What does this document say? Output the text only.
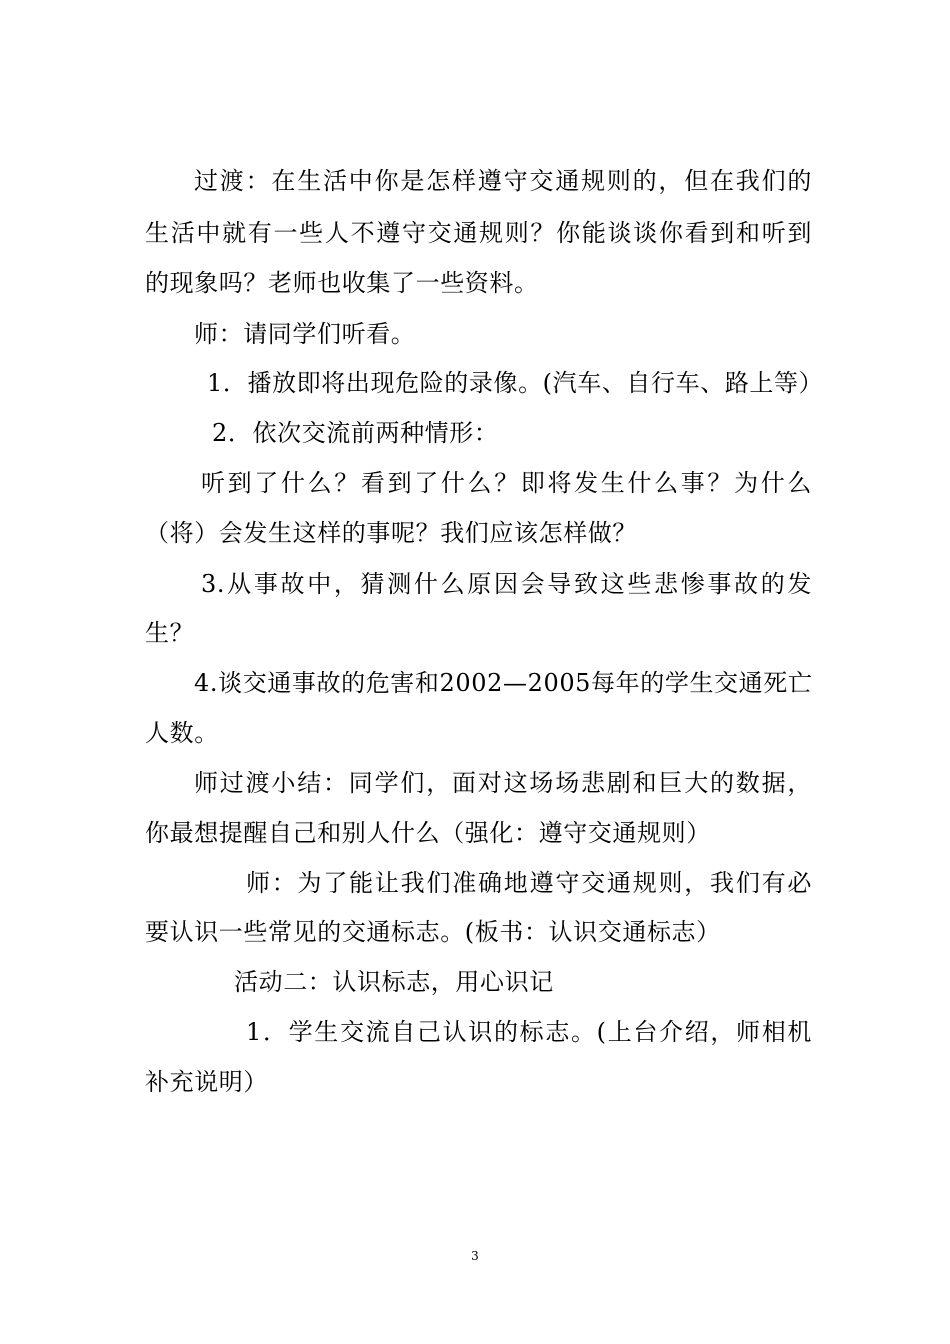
过渡：在生活中你是怎样遵守交通规则的，但在我们的
生活中就有一些人不遵守交通规则？你能谈谈你看到和听到
的现象吗？老师也收集了一些资料。
师：请同学们听看。
1．播放即将出现危险的录像。(汽车、自行车、路上等）
2．依次交流前两种情形：
听到了什么？看到了什么？即将发生什么事？为什么
（将）会发生这样的事呢？我们应该怎样做？
3.从事故中，猜测什么原因会导致这些悲惨事故的发
生？
4.谈交通事故的危害和2002—2005每年的学生交通死亡
人数。
师过渡小结：同学们，面对这场场悲剧和巨大的数据，
你最想提醒自己和别人什么（强化：遵守交通规则）
师：为了能让我们准确地遵守交通规则，我们有必
要认识一些常见的交通标志。(板书：认识交通标志）
活动二：认识标志，用心识记
1．学生交流自己认识的标志。(上台介绍，师相机
补充说明）
3
